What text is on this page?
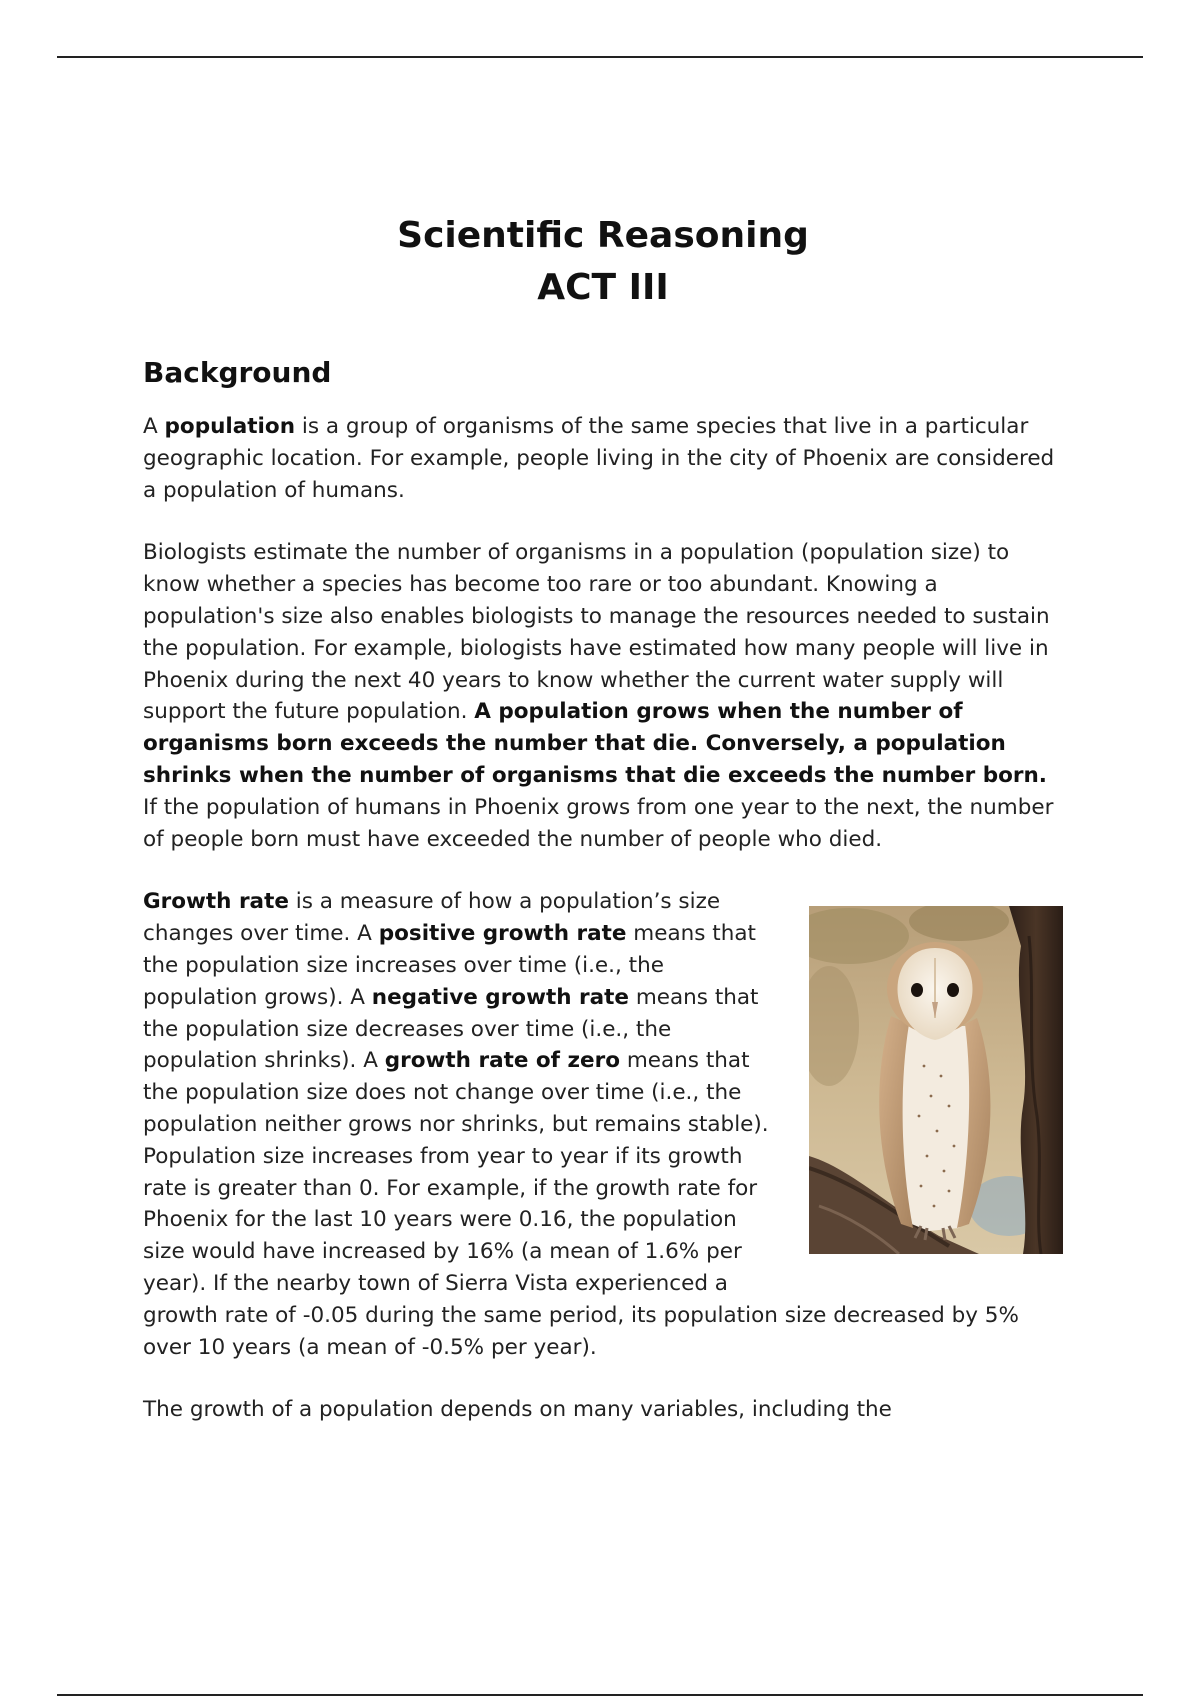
Scientific Reasoning
ACT III
Background

A population is a group of organisms of the same species that live in a particular geographic location. For example, people living in the city of Phoenix are considered a population of humans.

Biologists estimate the number of organisms in a population (population size) to know whether a species has become too rare or too abundant. Knowing a population's size also enables biologists to manage the resources needed to sustain the population. For example, biologists have estimated how many people will live in Phoenix during the next 40 years to know whether the current water supply will support the future population. A population grows when the number of organisms born exceeds the number that die. Conversely, a population shrinks when the number of organisms that die exceeds the number born. If the population of humans in Phoenix grows from one year to the next, the number of people born must have exceeded the number of people who died.

Growth rate is a measure of how a population’s size changes over time. A positive growth rate means that the population size increases over time (i.e., the population grows). A negative growth rate means that the population size decreases over time (i.e., the population shrinks). A growth rate of zero means that the population size does not change over time (i.e., the population neither grows nor shrinks, but remains stable). Population size increases from year to year if its growth rate is greater than 0. For example, if the growth rate for Phoenix for the last 10 years were 0.16, the population size would have increased by 16% (a mean of 1.6% per year). If the nearby town of Sierra Vista experienced a growth rate of -0.05 during the same period, its population size decreased by 5% over 10 years (a mean of -0.5% per year).

The growth of a population depends on many variables, including the
